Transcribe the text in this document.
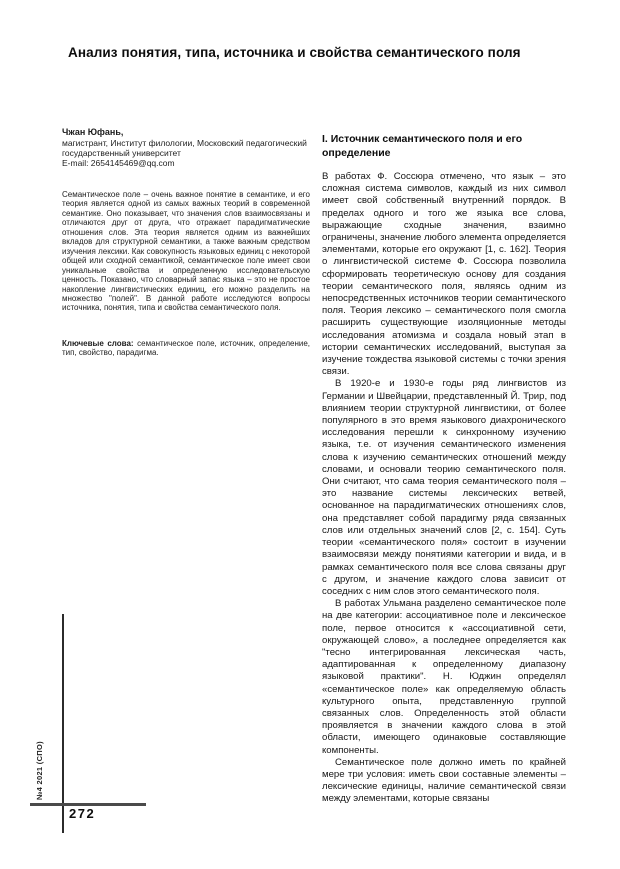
Анализ понятия, типа, источника и свойства семантического поля
Чжан Юфань,
магистрант, Институт филологии, Московский педагогический государственный университет
E-mail: 2654145469@qq.com
Семантическое поле – очень важное понятие в семантике, и его теория является одной из самых важных теорий в современной семантике. Оно показывает, что значения слов взаимосвязаны и отличаются друг от друга, что отражает парадигматические отношения слов. Эта теория является одним из важнейших вкладов для структурной семантики, а также важным средством изучения лексики. Как совокупность языковых единиц с некоторой общей или сходной семантикой, семантическое поле имеет свои уникальные свойства и определенную исследовательскую ценность. Показано, что словарный запас языка – это не простое накопление лингвистических единиц, его можно разделить на множество "полей". В данной работе исследуются вопросы источника, понятия, типа и свойства семантического поля.

Ключевые слова: семантическое поле, источник, определение, тип, свойство, парадигма.

I. Источник семантического поля и его определение

В работах Ф. Соссюра отмечено, что язык – это сложная система символов, каждый из них символ имеет свой собственный внутренний порядок. В пределах одного и того же языка все слова, выражающие сходные значения, взаимно ограничены, значение любого элемента определяется элементами, которые его окружают [1, с. 162]. Теория о лингвистической системе Ф. Соссюра позволила сформировать теоретическую основу для создания теории семантического поля, являясь одним из непосредственных источников теории семантического поля. Теория лексико – семантического поля смогла расширить существующие изоляционные методы исследования атомизма и создала новый этап в истории семантических исследований, выступая за изучение тождества языковой системы с точки зрения связи.

В 1920-е и 1930-е годы ряд лингвистов из Германии и Швейцарии, представленный Й. Трир, под влиянием теории структурной лингвистики, от более популярного в это время языкового диахронического исследования перешли к синхронному изучению языка, т.е. от изучения семантического изменения слова к изучению семантических отношений между словами, и основали теорию семантического поля. Они считают, что сама теория семантического поля – это название системы лексических ветвей, основанное на парадигматических отношениях слов, она представляет собой парадигму ряда связанных слов или отдельных значений слов [2, с. 154]. Суть теории «семантического поля» состоит в изучении взаимосвязи между понятиями категории и вида, и в рамках семантического поля все слова связаны друг с другом, и значение каждого слова зависит от соседних с ним слов этого семантического поля.

В работах Ульмана разделено семантическое поле на две категории: ассоциативное поле и лексическое поле, первое относится к «ассоциативной сети, окружающей слово», а последнее определяется как "тесно интегрированная лексическая часть, адаптированная к определенному диапазону языковой практики". Н. Юджин определял «семантическое поле» как определяемую область культурного опыта, представленную группой связанных слов. Определенность этой области проявляется в значении каждого слова в этой области, имеющего одинаковые составляющие компоненты.

Семантическое поле должно иметь по крайней мере три условия: иметь свои составные элементы – лексические единицы, наличие семантической связи между элементами, которые связаны

№4 2021 (СПО)
272
